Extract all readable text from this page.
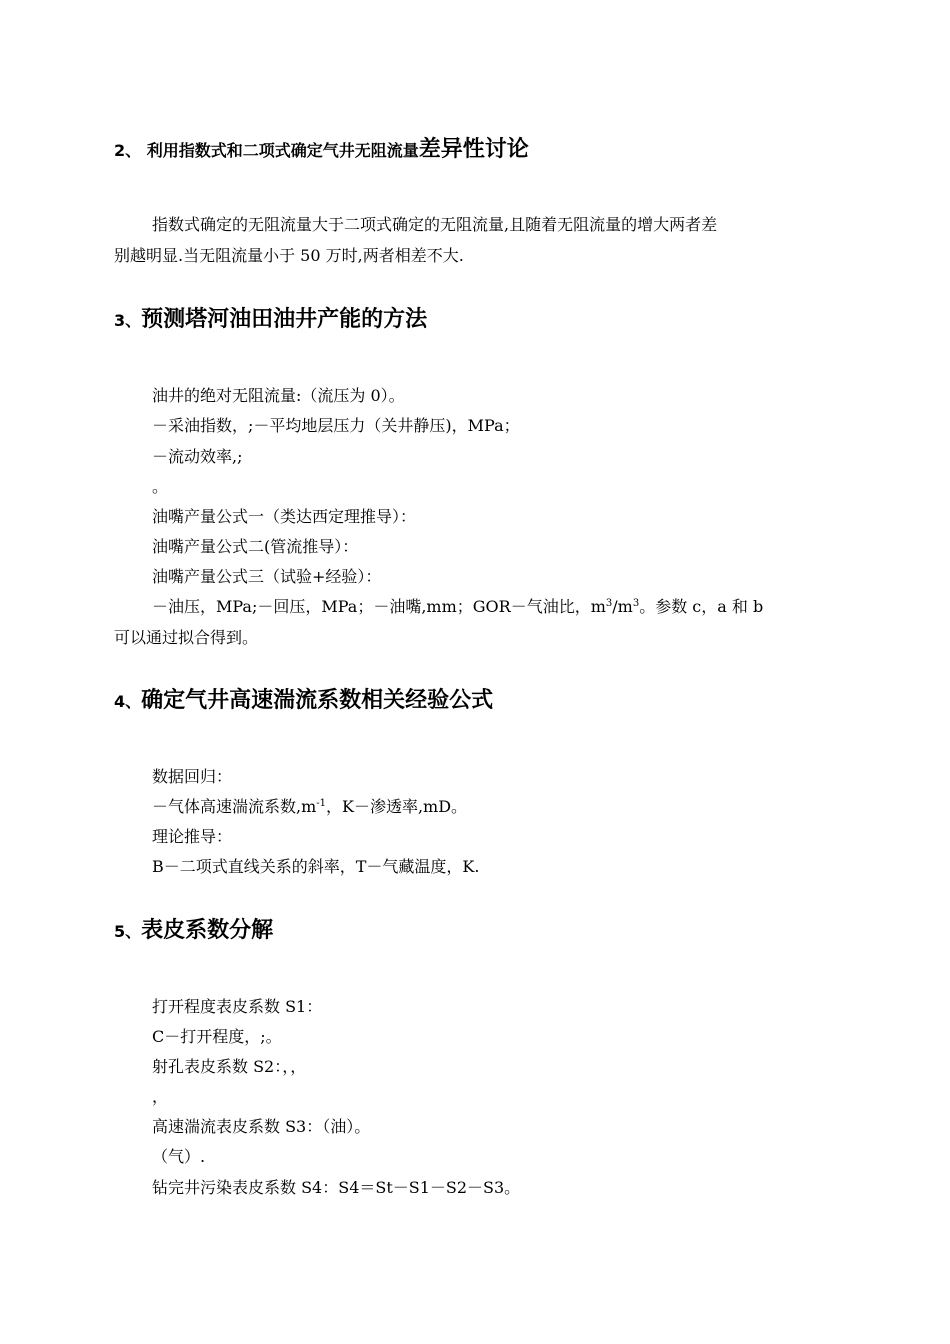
2、 利用指数式和二项式确定气井无阻流量差异性讨论
指数式确定的无阻流量大于二项式确定的无阻流量,且随着无阻流量的增大两者差
别越明显.当无阻流量小于 50 万时,两者相差不大.
3、预测塔河油田油井产能的方法
油井的绝对无阻流量:（流压为 0）。
－采油指数，;－平均地层压力（关井静压)，MPa；
－流动效率,;
。
油嘴产量公式一（类达西定理推导）：
油嘴产量公式二(管流推导）：
油嘴产量公式三（试验+经验）：
－油压，MPa;－回压，MPa；－油嘴,mm；GOR－气油比，$m^3/m^3$。参数 c，a 和 b
可以通过拟合得到。
4、确定气井高速湍流系数相关经验公式
数据回归：
－气体高速湍流系数$,m^{-1}$，K－渗透率,mD。
理论推导：
B－二项式直线关系的斜率，T－气藏温度，K.
5、表皮系数分解
打开程度表皮系数 S1：
C－打开程度，;。
射孔表皮系数 S2：，，
，
高速湍流表皮系数 S3：（油）。
（气）.
钻完井污染表皮系数 S4：S4＝St－S1－S2－S3。
